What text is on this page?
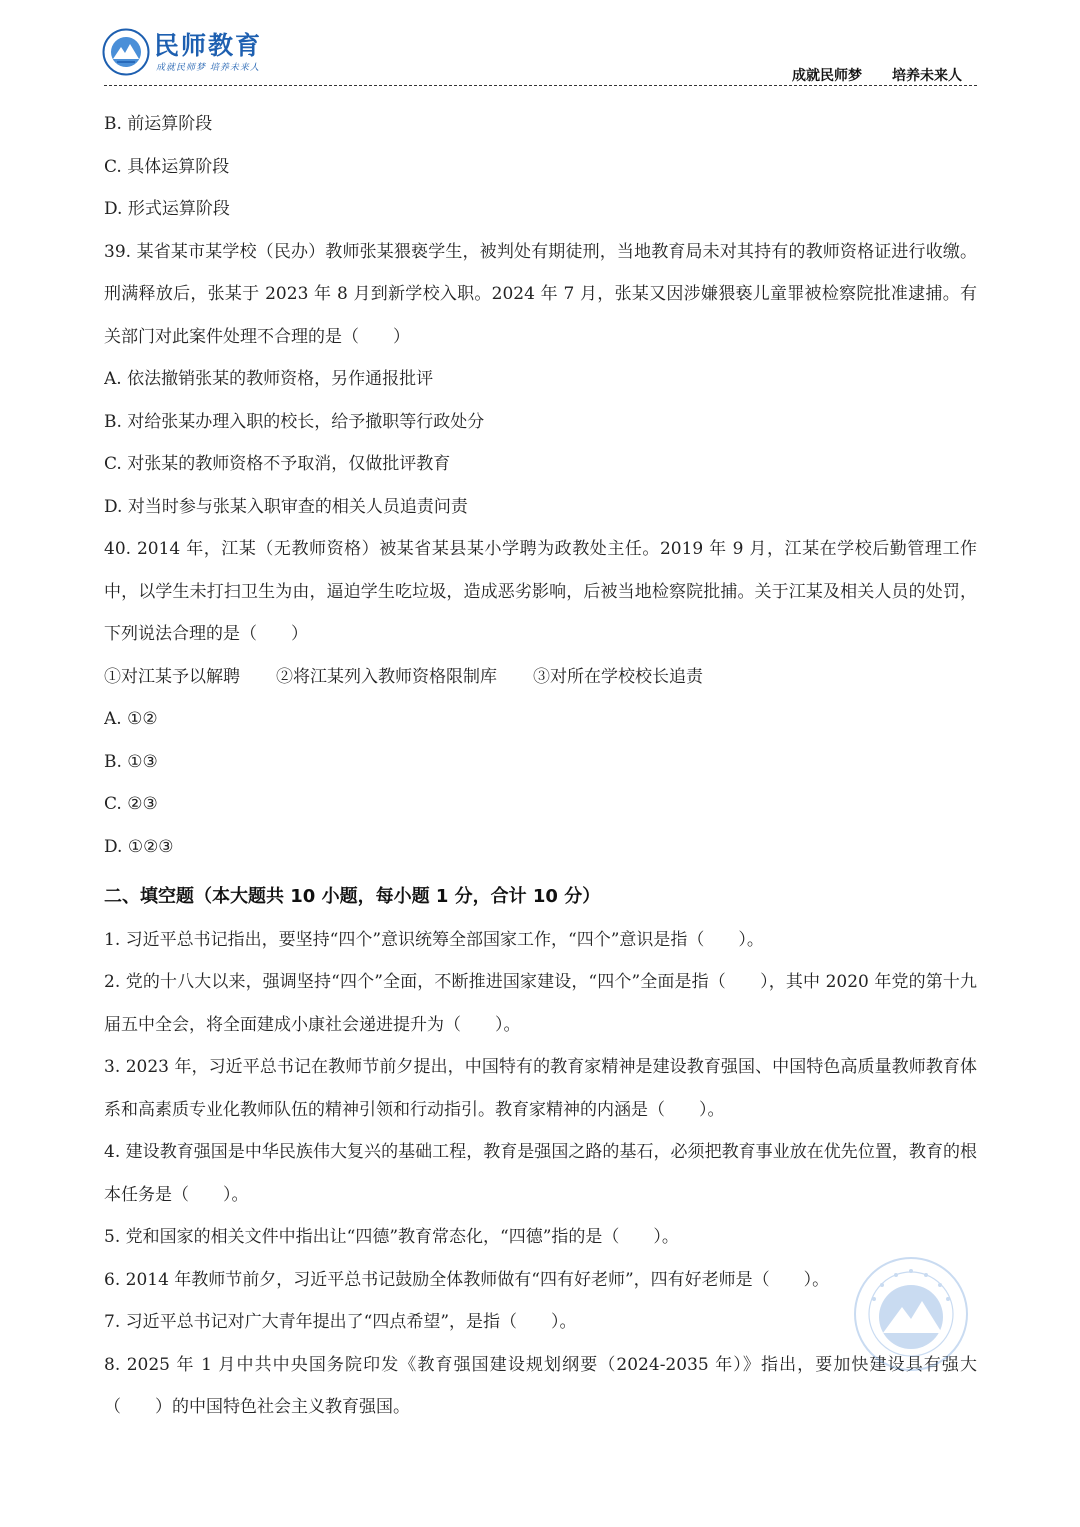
民师教育
成就民师梦 培养未来人	成就民师梦 培养未来人
B. 前运算阶段
C. 具体运算阶段
D. 形式运算阶段
39. 某省某市某学校（民办）教师张某猥亵学生，被判处有期徒刑，当地教育局未对其持有的教师资格证进行收缴。刑满释放后，张某于 2023 年 8 月到新学校入职。2024 年 7 月，张某又因涉嫌猥亵儿童罪被检察院批准逮捕。有关部门对此案件处理不合理的是（　　）
A. 依法撤销张某的教师资格，另作通报批评
B. 对给张某办理入职的校长，给予撤职等行政处分
C. 对张某的教师资格不予取消，仅做批评教育
D. 对当时参与张某入职审查的相关人员追责问责
40. 2014 年，江某（无教师资格）被某省某县某小学聘为政教处主任。2019 年 9 月，江某在学校后勤管理工作中，以学生未打扫卫生为由，逼迫学生吃垃圾，造成恶劣影响，后被当地检察院批捕。关于江某及相关人员的处罚，下列说法合理的是（　　）
①对江某予以解聘 ②将江某列入教师资格限制库 ③对所在学校校长追责
A. ①②
B. ①③
C. ②③
D. ①②③
二、填空题（本大题共 10 小题，每小题 1 分，合计 10 分）
1. 习近平总书记指出，要坚持“四个”意识统筹全部国家工作，“四个”意识是指（　　）。
2. 党的十八大以来，强调坚持“四个”全面，不断推进国家建设，“四个”全面是指（　　），其中 2020 年党的第十九届五中全会，将全面建成小康社会递进提升为（　　）。
3. 2023 年，习近平总书记在教师节前夕提出，中国特有的教育家精神是建设教育强国、中国特色高质量教师教育体系和高素质专业化教师队伍的精神引领和行动指引。教育家精神的内涵是（　　）。
4. 建设教育强国是中华民族伟大复兴的基础工程，教育是强国之路的基石，必须把教育事业放在优先位置，教育的根本任务是（　　）。
5. 党和国家的相关文件中指出让“四德”教育常态化，“四德”指的是（　　）。
6. 2014 年教师节前夕，习近平总书记鼓励全体教师做有“四有好老师”，四有好老师是（　　）。
7. 习近平总书记对广大青年提出了“四点希望”，是指（　　）。
8. 2025 年 1 月中共中央国务院印发《教育强国建设规划纲要（2024-2035 年）》指出，要加快建设具有强大（　　）的中国特色社会主义教育强国。
